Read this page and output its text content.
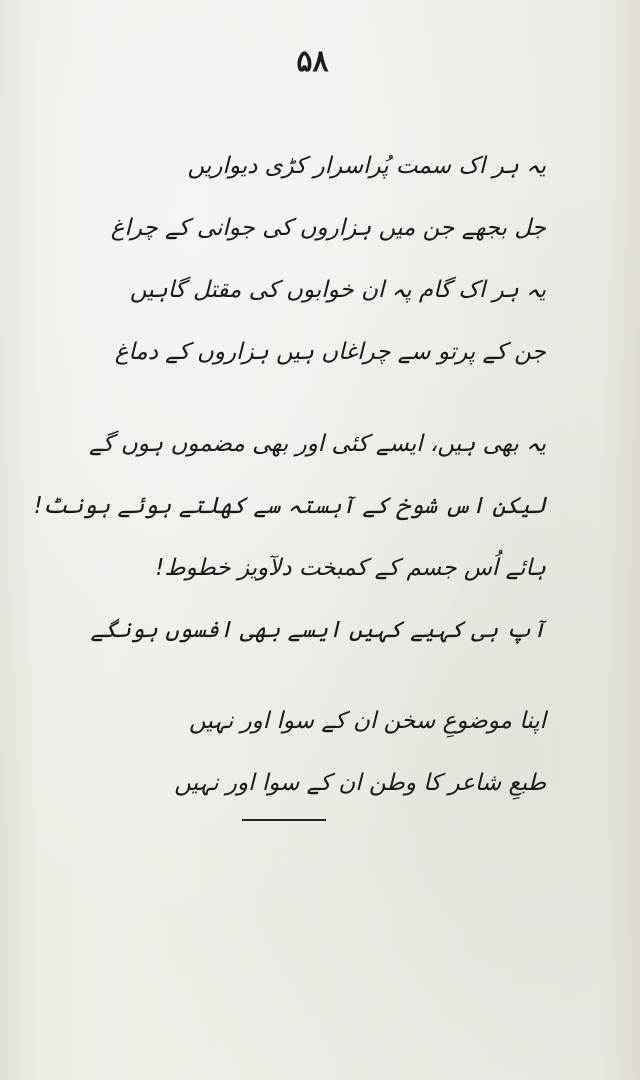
۵۸
یہ ہر اک سمت پُراسرار کڑی دیواریں
جل بجھے جن میں ہزاروں کی جوانی کے چراغ
یہ ہر اک گام پہ ان خوابوں کی مقتل گاہیں
جن کے پرتو سے چراغاں ہیں ہزاروں کے دماغ
یہ بھی ہیں، ایسے کئی اور بھی مضموں ہوں گے
لیکن اس شوخ کے آہستہ سے کھلتے ہوئے ہونٹ!
ہائے اُس جسم کے کمبخت دلآویز خطوط!
آپ ہی کہیے کہیں ایسے بھی افسوں ہونگے
اپنا موضوعِ سخن ان کے سوا اور نہیں
طبعِ شاعر کا وطن ان کے سوا اور نہیں
